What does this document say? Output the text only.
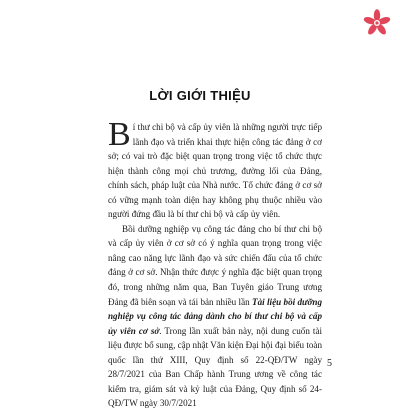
LỜI GIỚI THIỆU

Bí thư chi bộ và cấp ủy viên là những người trực tiếp lãnh đạo và triển khai thực hiện công tác đảng ở cơ sở; có vai trò đặc biệt quan trọng trong việc tổ chức thực hiện thành công mọi chủ trương, đường lối của Đảng, chính sách, pháp luật của Nhà nước. Tổ chức đảng ở cơ sở có vững mạnh toàn diện hay không phụ thuộc nhiều vào người đứng đầu là bí thư chi bộ và cấp ủy viên.

Bồi dưỡng nghiệp vụ công tác đảng cho bí thư chi bộ và cấp ủy viên ở cơ sở có ý nghĩa quan trọng trong việc nâng cao năng lực lãnh đạo và sức chiến đấu của tổ chức đảng ở cơ sở. Nhận thức được ý nghĩa đặc biệt quan trọng đó, trong những năm qua, Ban Tuyên giáo Trung ương Đảng đã biên soạn và tái bản nhiều lần Tài liệu bồi dưỡng nghiệp vụ công tác đảng dành cho bí thư chi bộ và cấp ủy viên cơ sở. Trong lần xuất bản này, nội dung cuốn tài liệu được bổ sung, cập nhật Văn kiện Đại hội đại biểu toàn quốc lần thứ XIII, Quy định số 22-QĐ/TW ngày 28/7/2021 của Ban Chấp hành Trung ương về công tác kiểm tra, giám sát và kỷ luật của Đảng, Quy định số 24-QĐ/TW ngày 30/7/2021

5
